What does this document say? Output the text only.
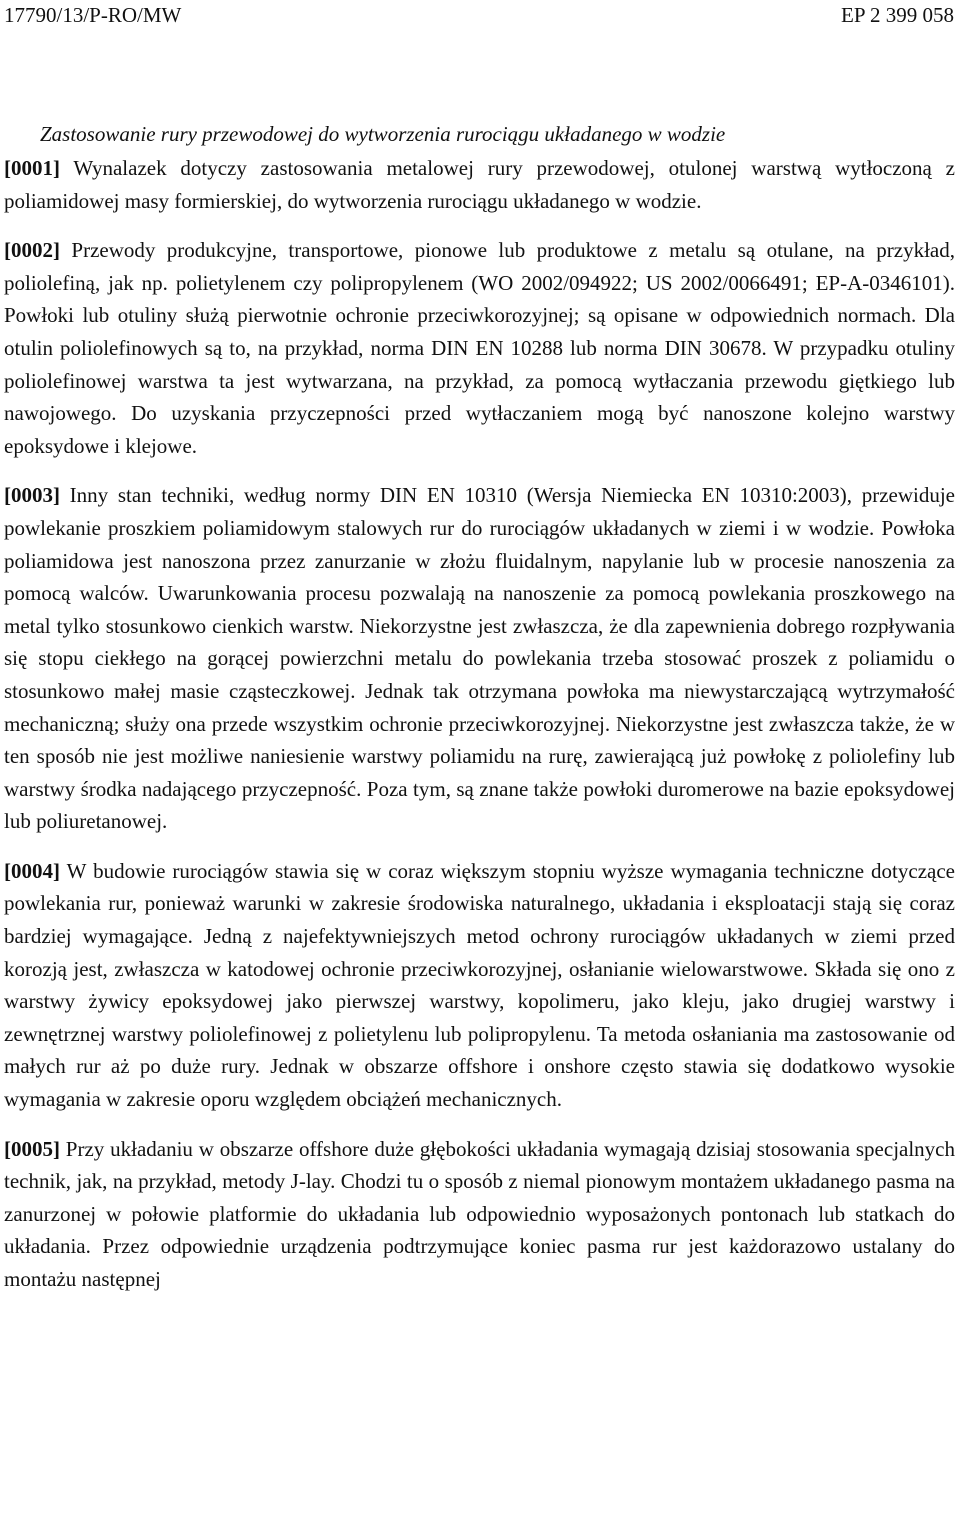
17790/13/P-RO/MW	EP 2 399 058
Zastosowanie rury przewodowej do wytworzenia rurociągu układanego w wodzie

[0001] Wynalazek dotyczy zastosowania metalowej rury przewodowej, otulonej warstwą wytłoczoną z poliamidowej masy formierskiej, do wytworzenia rurociągu układanego w wodzie.

[0002] Przewody produkcyjne, transportowe, pionowe lub produktowe z metalu są otulane, na przykład, poliolefiną, jak np. polietylenem czy polipropylenem (WO 2002/094922; US 2002/0066491; EP-A-0346101). Powłoki lub otuliny służą pierwotnie ochronie przeciwkorozyjnej; są opisane w odpowiednich normach. Dla otulin poliolefinowych są to, na przykład, norma DIN EN 10288 lub norma DIN 30678. W przypadku otuliny poliolefinowej warstwa ta jest wytwarzana, na przykład, za pomocą wytłaczania przewodu giętkiego lub nawojowego. Do uzyskania przyczepności przed wytłaczaniem mogą być nanoszone kolejno warstwy epoksydowe i klejowe.

[0003] Inny stan techniki, według normy DIN EN 10310 (Wersja Niemiecka EN 10310:2003), przewiduje powlekanie proszkiem poliamidowym stalowych rur do rurociągów układanych w ziemi i w wodzie. Powłoka poliamidowa jest nanoszona przez zanurzanie w złożu fluidalnym, napylanie lub w procesie nanoszenia za pomocą walców. Uwarunkowania procesu pozwalają na nanoszenie za pomocą powlekania proszkowego na metal tylko stosunkowo cienkich warstw. Niekorzystne jest zwłaszcza, że dla zapewnienia dobrego rozpływania się stopu ciekłego na gorącej powierzchni metalu do powlekania trzeba stosować proszek z poliamidu o stosunkowo małej masie cząsteczkowej. Jednak tak otrzymana powłoka ma niewystarczającą wytrzymałość mechaniczną; służy ona przede wszystkim ochronie przeciwkorozyjnej. Niekorzystne jest zwłaszcza także, że w ten sposób nie jest możliwe naniesienie warstwy poliamidu na rurę, zawierającą już powłokę z poliolefiny lub warstwy środka nadającego przyczepność. Poza tym, są znane także powłoki duromerowe na bazie epoksydowej lub poliuretanowej.

[0004] W budowie rurociągów stawia się w coraz większym stopniu wyższe wymagania techniczne dotyczące powlekania rur, ponieważ warunki w zakresie środowiska naturalnego, układania i eksploatacji stają się coraz bardziej wymagające. Jedną z najefektywniejszych metod ochrony rurociągów układanych w ziemi przed korozją jest, zwłaszcza w katodowej ochronie przeciwkorozyjnej, osłanianie wielowarstwowe. Składa się ono z warstwy żywicy epoksydowej jako pierwszej warstwy, kopolimeru, jako kleju, jako drugiej warstwy i zewnętrznej warstwy poliolefinowej z polietylenu lub polipropylenu. Ta metoda osłaniania ma zastosowanie od małych rur aż po duże rury. Jednak w obszarze offshore i onshore często stawia się dodatkowo wysokie wymagania w zakresie oporu względem obciążeń mechanicznych.

[0005] Przy układaniu w obszarze offshore duże głębokości układania wymagają dzisiaj stosowania specjalnych technik, jak, na przykład, metody J-lay. Chodzi tu o sposób z niemal pionowym montażem układanego pasma na zanurzonej w połowie platformie do układania lub odpowiednio wyposażonych pontonach lub statkach do układania. Przez odpowiednie urządzenia podtrzymujące koniec pasma rur jest każdorazowo ustalany do montażu następnej
